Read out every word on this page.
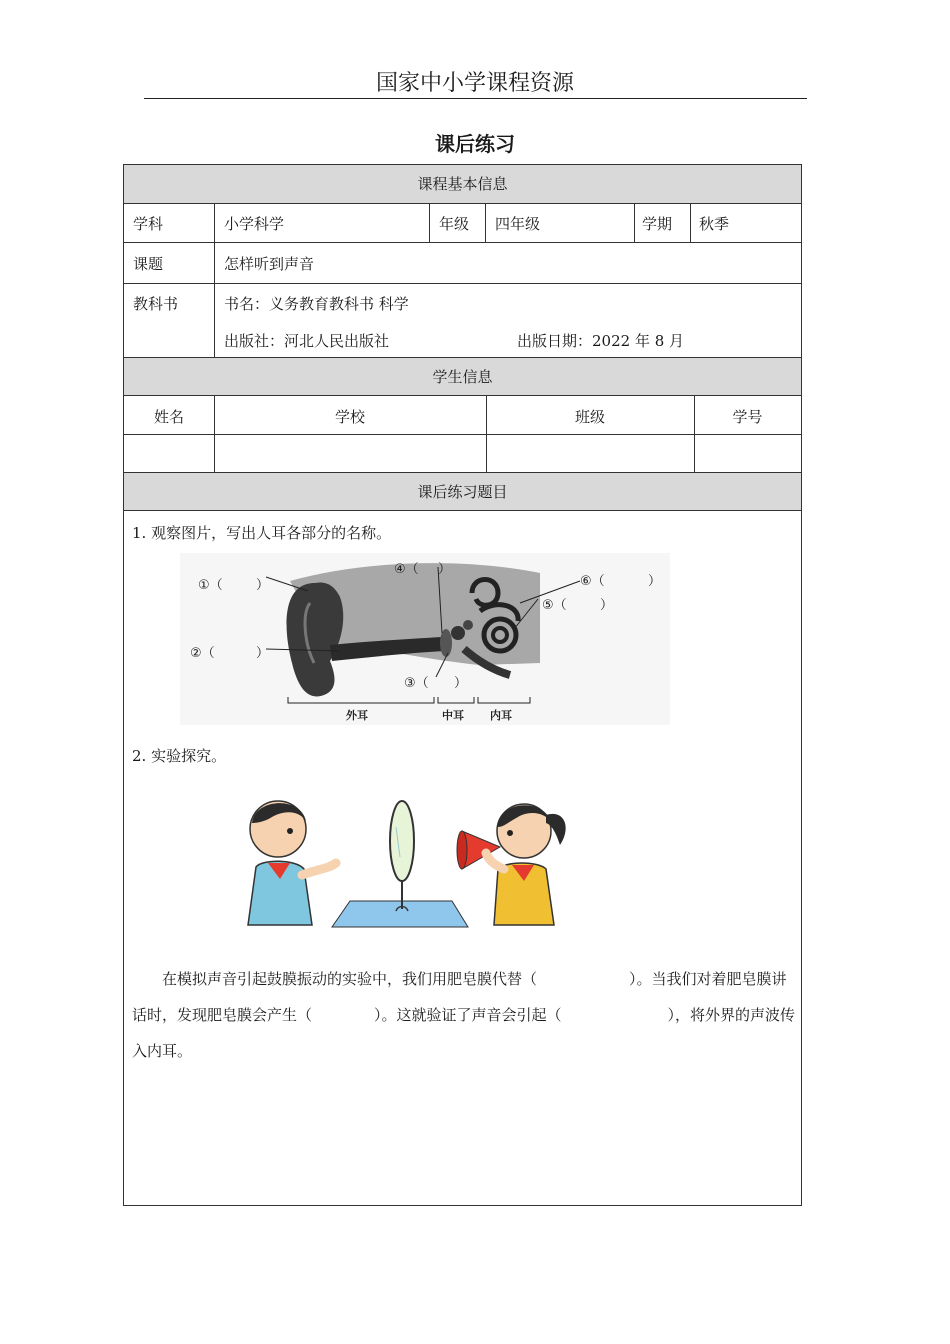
国家中小学课程资源
课后练习
课程基本信息
学科	小学科学	年级 四年级	学期 秋季
课题	怎样听到声音
教科书	书名：义务教育教科书 科学
出版社：河北人民出版社	出版日期：2022 年 8 月
学生信息
姓名	学校	班级	学号
课后练习题目
1. 观察图片，写出人耳各部分的名称。
①（	）
②（	）
④（ ）
③（ ）
⑤（	）
⑥（	）
外耳	中耳 内耳
2. 实验探究。
在模拟声音引起鼓膜振动的实验中，我们用肥皂膜代替（	）。当我们对着肥皂膜讲话时，发现肥皂膜会产生（	）。这就验证了声音会引起（	），将外界的声波传入内耳。
